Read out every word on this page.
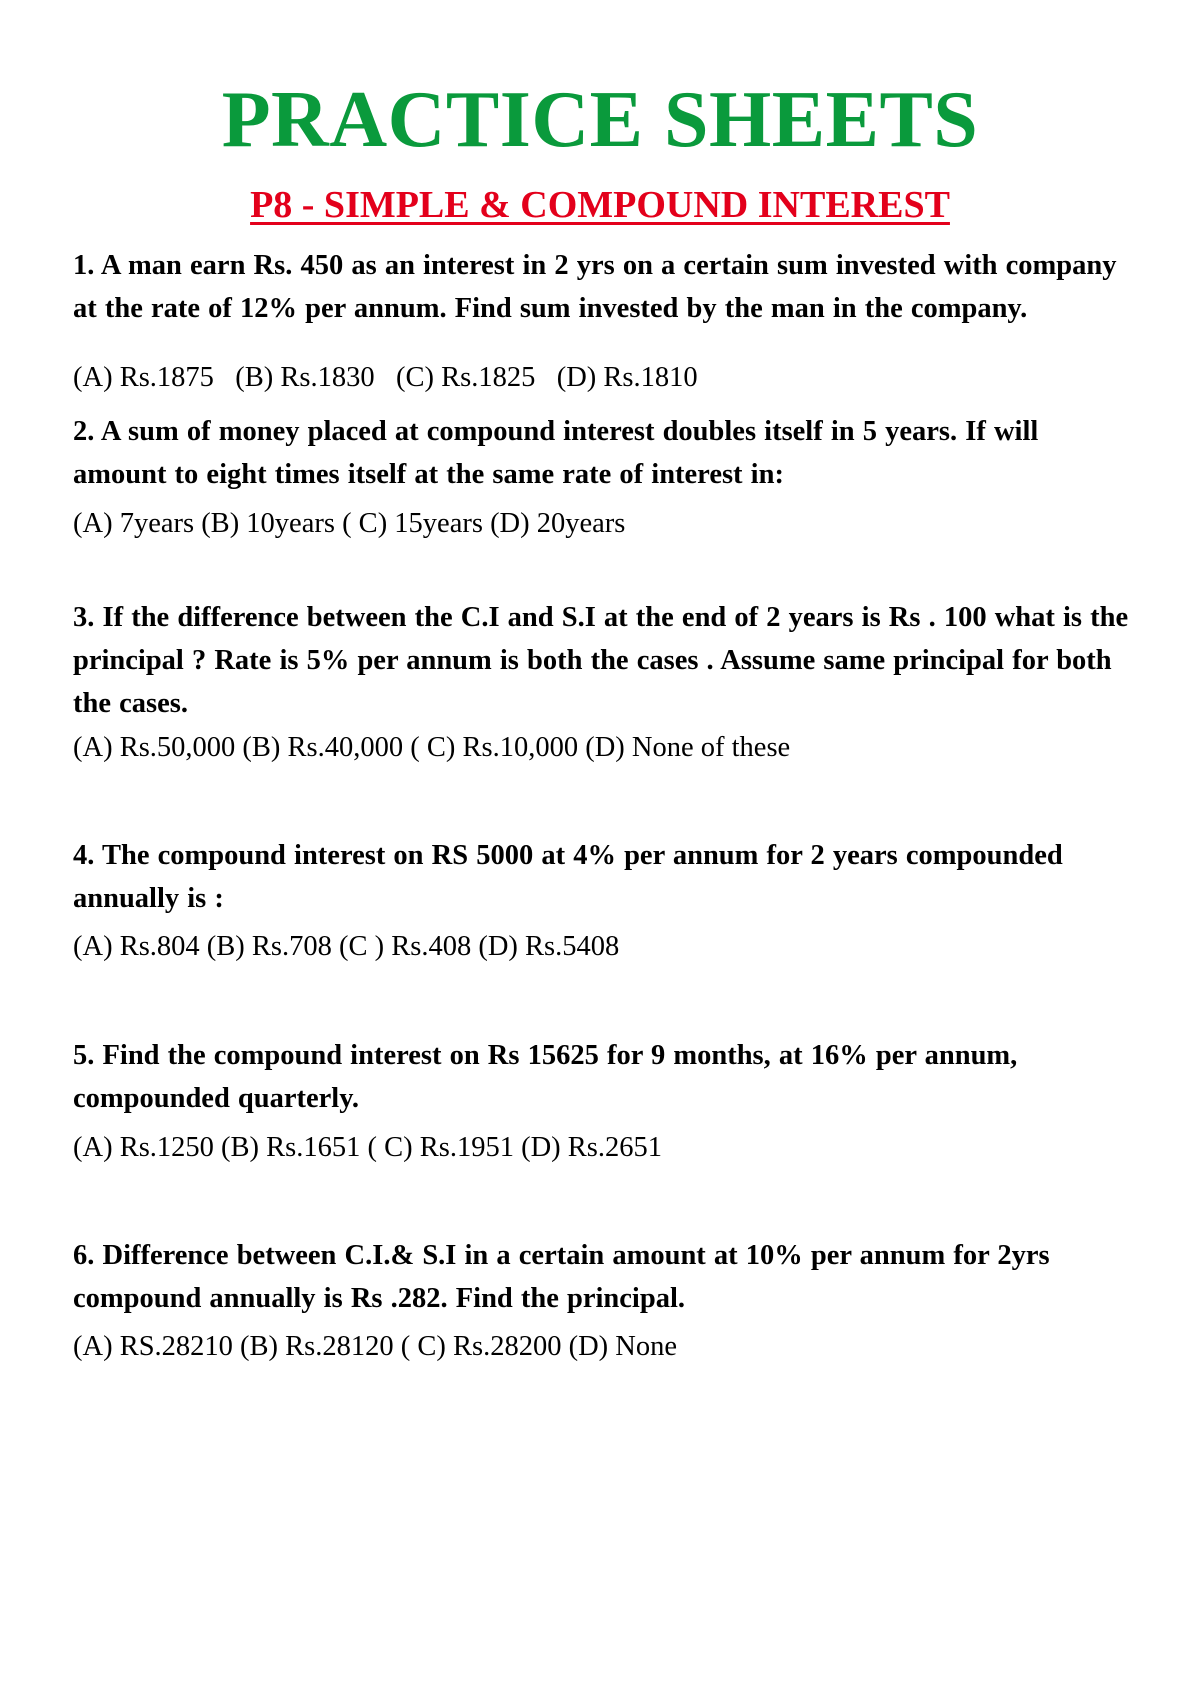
PRACTICE SHEETS
P8 - SIMPLE & COMPOUND INTEREST
1. A man earn Rs. 450 as an interest in 2 yrs on a certain sum invested with company at the rate of 12% per annum. Find sum invested by the man in the company.
(A) Rs.1875   (B) Rs.1830   (C) Rs.1825   (D) Rs.1810
2. A sum of money placed at compound interest doubles itself in 5 years. If will amount to eight times itself at the same rate of interest in:
(A) 7years (B) 10years ( C) 15years (D) 20years
3. If the difference between the C.I and S.I at the end of 2 years is Rs . 100 what is the principal ? Rate is 5% per annum is both the cases . Assume same principal for both the cases.
(A) Rs.50,000 (B) Rs.40,000 ( C) Rs.10,000 (D) None of these
4. The compound interest on RS 5000 at 4% per annum for 2 years compounded annually is :
(A) Rs.804 (B) Rs.708 (C ) Rs.408 (D) Rs.5408
5. Find the compound interest on Rs 15625 for 9 months, at 16% per annum, compounded quarterly.
(A) Rs.1250 (B) Rs.1651 ( C) Rs.1951 (D) Rs.2651
6. Difference between C.I.& S.I in a certain amount at 10% per annum for 2yrs compound annually is Rs .282. Find the principal.
(A) RS.28210 (B) Rs.28120 ( C) Rs.28200 (D) None
